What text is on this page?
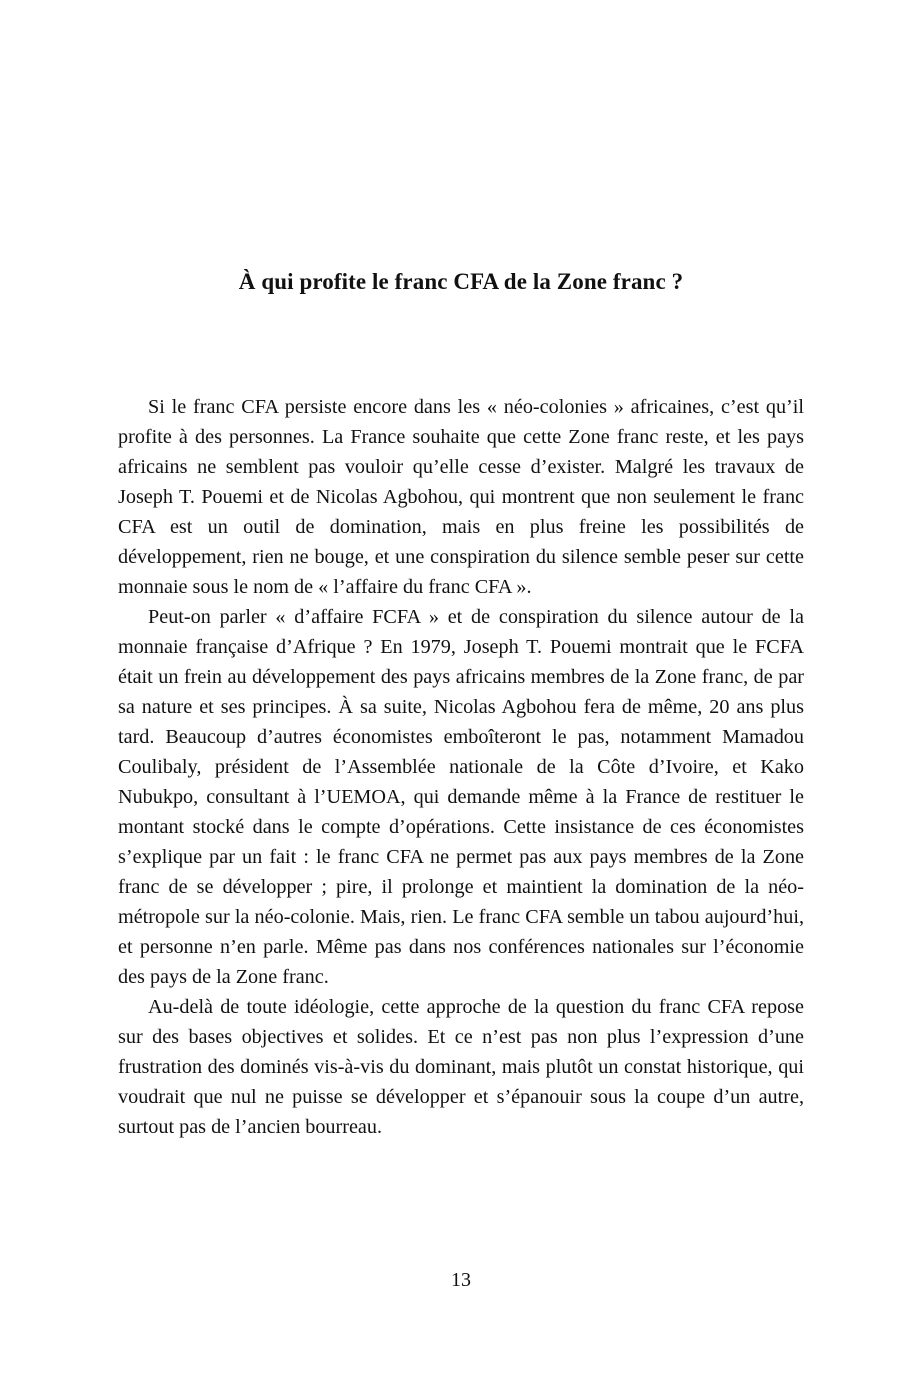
À qui profite le franc CFA de la Zone franc ?

Si le franc CFA persiste encore dans les « néo-colonies » africaines, c’est qu’il profite à des personnes. La France souhaite que cette Zone franc reste, et les pays africains ne semblent pas vouloir qu’elle cesse d’exister. Malgré les travaux de Joseph T. Pouemi et de Nicolas Agbohou, qui montrent que non seulement le franc CFA est un outil de domination, mais en plus freine les possibilités de développement, rien ne bouge, et une conspiration du silence semble peser sur cette monnaie sous le nom de « l’affaire du franc CFA ».

Peut-on parler « d’affaire FCFA » et de conspiration du silence autour de la monnaie française d’Afrique ? En 1979, Joseph T. Pouemi montrait que le FCFA était un frein au développement des pays africains membres de la Zone franc, de par sa nature et ses principes. À sa suite, Nicolas Agbohou fera de même, 20 ans plus tard. Beaucoup d’autres économistes emboîteront le pas, notamment Mamadou Coulibaly, président de l’Assemblée nationale de la Côte d’Ivoire, et Kako Nubukpo, consultant à l’UEMOA, qui demande même à la France de restituer le montant stocké dans le compte d’opérations. Cette insistance de ces économistes s’explique par un fait : le franc CFA ne permet pas aux pays membres de la Zone franc de se développer ; pire, il prolonge et maintient la domination de la néo-métropole sur la néo-colonie. Mais, rien. Le franc CFA semble un tabou aujourd’hui, et personne n’en parle. Même pas dans nos conférences nationales sur l’économie des pays de la Zone franc.

Au-delà de toute idéologie, cette approche de la question du franc CFA repose sur des bases objectives et solides. Et ce n’est pas non plus l’expression d’une frustration des dominés vis-à-vis du dominant, mais plutôt un constat historique, qui voudrait que nul ne puisse se développer et s’épanouir sous la coupe d’un autre, surtout pas de l’ancien bourreau.

13
